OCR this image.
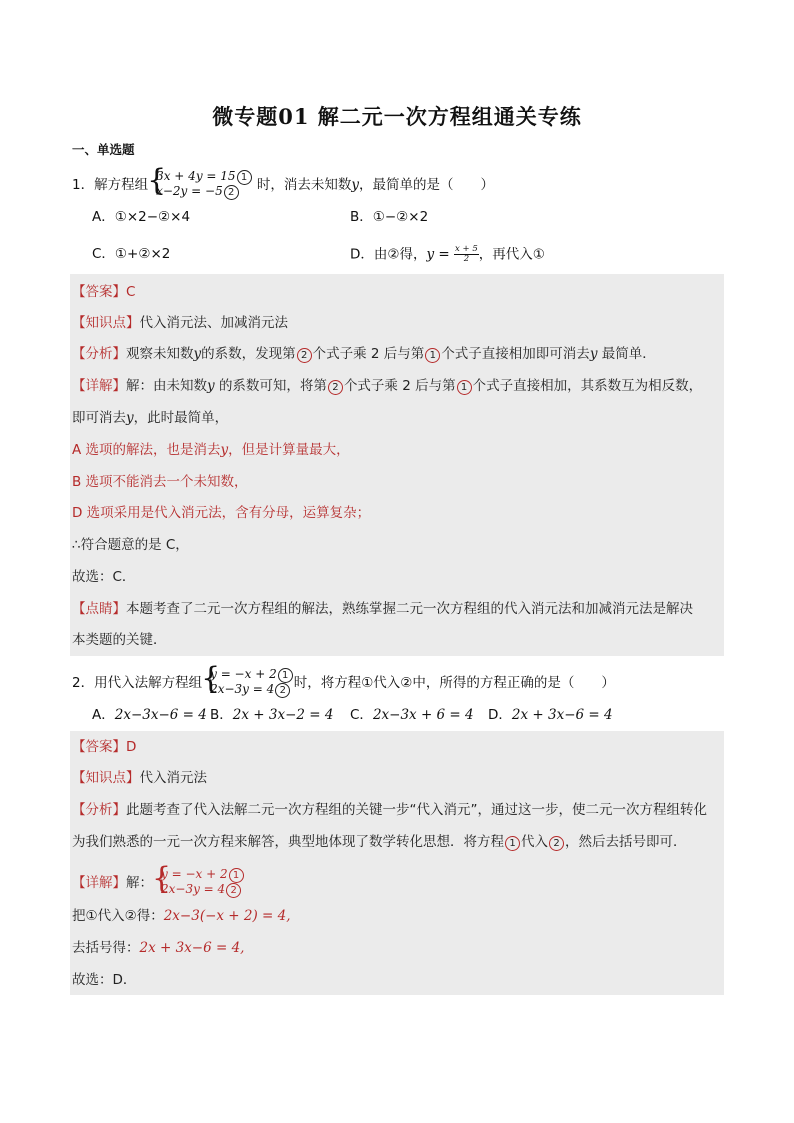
微专题01 解二元一次方程组通关专练
一、单选题
1．解方程组
{ 3x + 4y = 15 1
x−2y = −5 2	时，消去未知数y，最简单的是（　　）
A．①×2−②×4	B．①−②×2
C．①+②×2	D．由②得，$y = \frac{x + 5}{2}$ ，再代入①
【答案】C
【知识点】代入消元法、加减消元法
【分析】观察未知数y的系数，发现第 2 个式子乘 2 后与第 1 个式子直接相加即可消去y 最简单．
【详解】解：由未知数y 的系数可知，将第 2 个式子乘 2 后与第 1 个式子直接相加，其系数互为相反数，
即可消去y，此时最简单，
A 选项的解法，也是消去y，但是计算量最大，
B 选项不能消去一个未知数，
D 选项采用是代入消元法，含有分母，运算复杂；
∴符合题意的是 C，
故选：C．
【点睛】本题考查了二元一次方程组的解法，熟练掌握二元一次方程组的代入消元法和加减消元法是解决
本类题的关键．
2．用代入法解方程组
{ y = −x + 2 1
2x−3y = 4 2 时，将方程①代入②中，所得的方程正确的是（　　）
A．2x−3x−6 = 4 B．2x + 3x−2 = 4 C．2x−3x + 6 = 4 D．2x + 3x−6 = 4
【答案】D
【知识点】代入消元法
【分析】此题考查了代入法解二元一次方程组的关键一步“代入消元”，通过这一步，使二元一次方程组转化
为我们熟悉的一元一次方程来解答，典型地体现了数学转化思想．将方程 1 代入 2 ，然后去括号即可．
【详解】解：
{ y = −x + 2 1
2x−3y = 4 2
把①代入②得：2x−3(−x + 2) = 4,
去括号得：2x + 3x−6 = 4,
故选：D．
